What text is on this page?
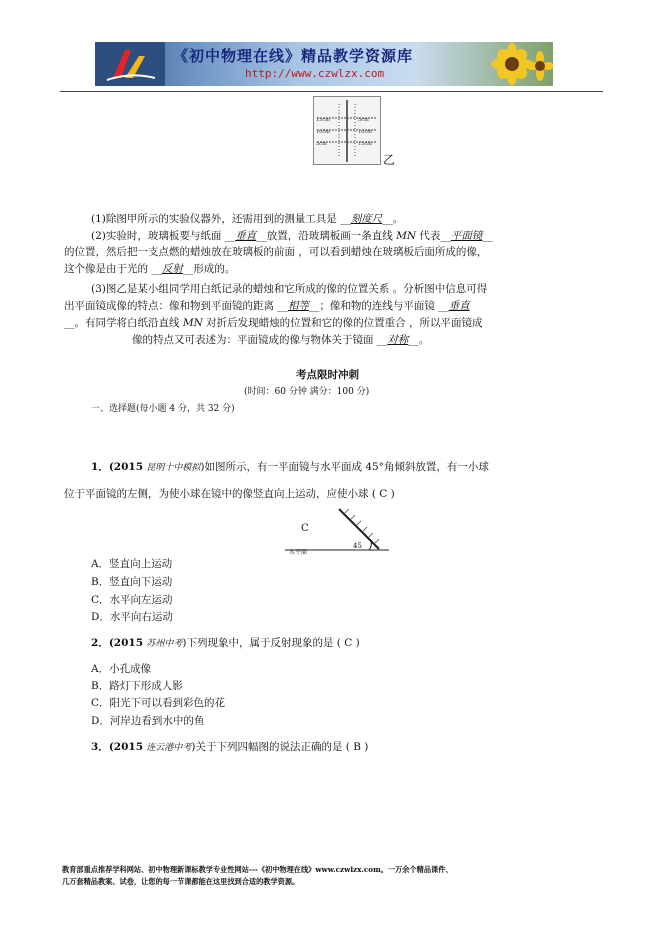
《初中物理在线》精品教学资源库
http://www.czwlzx.com
15cm
10cm
5cm
5cm
10cm
15cm
乙
(1)除图甲所示的实验仪器外，还需用到的测量工具是 __刻度尺__。
(2)实验时，玻璃板要与纸面 __垂直__放置，沿玻璃板画一条直线 MN 代表__平面镜__
的位置，然后把一支点燃的蜡烛放在玻璃板的前面 ，可以看到蜡烛在玻璃板后面所成的像，
这个像是由于光的 __反射__形成的。
(3)图乙是某小组同学用白纸记录的蜡烛和它所成的像的位置关系 。分析图中信息可得
出平面镜成像的特点：像和物到平面镜的距离 __相等__；像和物的连线与平面镜 __垂直
__。有同学将白纸沿直线 MN 对折后发现蜡烛的位置和它的像的位置重合 ，所以平面镜成
像的特点又可表述为：平面镜成的像与物体关于镜面 __对称__。
考点限时冲刺
(时间：60 分钟 满分：100 分)
一、选择题(每小题 4 分，共 32 分)
1．(2015 昆明十中模拟)如图所示，有一平面镜与水平面成 45°角倾斜放置，有一小球
位于平面镜的左侧，为使小球在镜中的像竖直向上运动，应使小球 ( C )
C
水平面
45
A．竖直向上运动
B．竖直向下运动
C．水平向左运动
D．水平向右运动
2．(2015 苏州中考)下列现象中，属于反射现象的是 ( C )
A．小孔成像
B．路灯下形成人影
C．阳光下可以看到彩色的花
D．河岸边看到水中的鱼
3．(2015 连云港中考)关于下列四幅图的说法正确的是 ( B )
教育部重点推荐学科网站、初中物理新课标教学专业性网站---《初中物理在线》www.czwlzx.com。一万余个精品课件、
几万套精品教案、试卷，让您的每一节课都能在这里找到合适的教学资源。
